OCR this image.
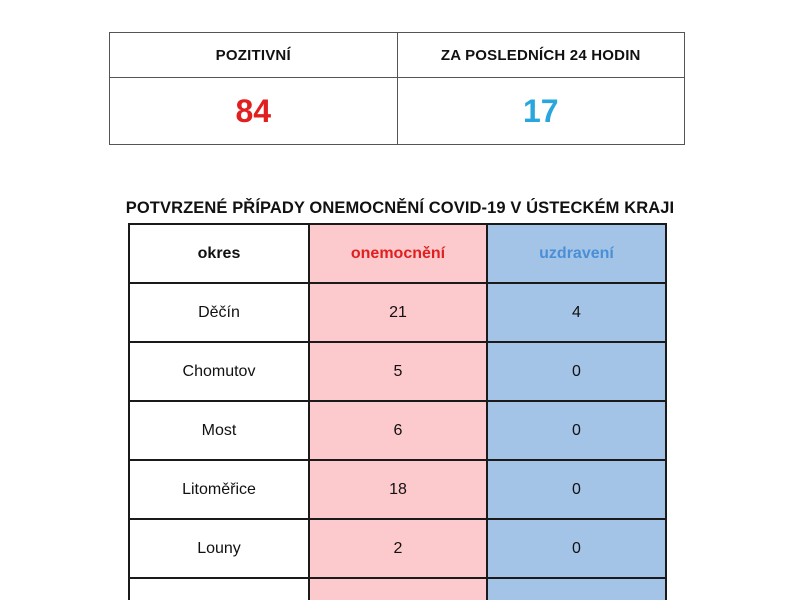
POZITIVNÍ	ZA POSLEDNÍCH 24 HODIN
84	17
POTVRZENÉ PŘÍPADY ONEMOCNĚNÍ COVID-19 V ÚSTECKÉM KRAJI
okres	onemocnění	uzdravení
Děčín	21	4
Chomutov	5	0
Most	6	0
Litoměřice	18	0
Louny	2	0
